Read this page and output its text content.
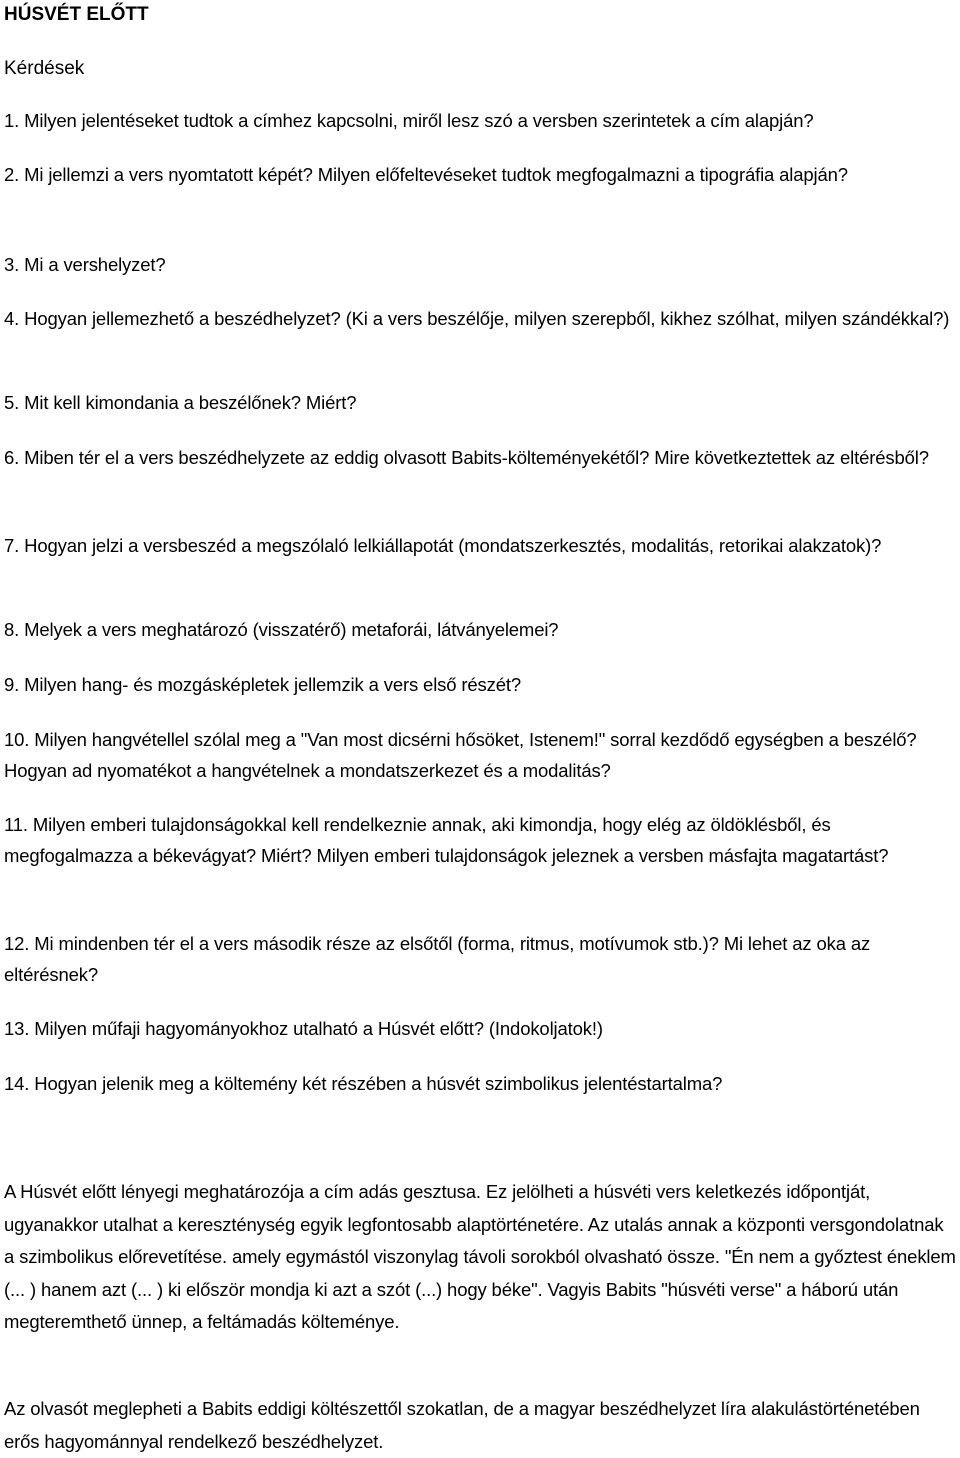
HÚSVÉT ELŐTT
Kérdések

1. Milyen jelentéseket tudtok a címhez kapcsolni, miről lesz szó a versben szerintetek a cím alapján?

2. Mi jellemzi a vers nyomtatott képét? Milyen előfeltevéseket tudtok megfogalmazni a tipográfia alapján?

3. Mi a vershelyzet?

4. Hogyan jellemezhető a beszédhelyzet? (Ki a vers beszélője, milyen szerepből, kikhez szólhat, milyen szándékkal?)

5. Mit kell kimondania a beszélőnek? Miért?

6. Miben tér el a vers beszédhelyzete az eddig olvasott Babits-költeményekétől? Mire következtettek az eltérésből?

7. Hogyan jelzi a versbeszéd a megszólaló lelkiállapotát (mondatszerkesztés, modalitás, retorikai alakzatok)?

8. Melyek a vers meghatározó (visszatérő) metaforái, látványelemei?

9. Milyen hang- és mozgásképletek jellemzik a vers első részét?

10. Milyen hangvétellel szólal meg a "Van most dicsérni hősöket, Istenem!" sorral kezdődő egységben a beszélő? Hogyan ad nyomatékot a hangvételnek a mondatszerkezet és a modalitás?

11. Milyen emberi tulajdonságokkal kell rendelkeznie annak, aki kimondja, hogy elég az öldöklésből, és megfogalmazza a békevágyat? Miért? Milyen emberi tulajdonságok jeleznek a versben másfajta magatartást?

12. Mi mindenben tér el a vers második része az elsőtől (forma, ritmus, motívumok stb.)? Mi lehet az oka az eltérésnek?

13. Milyen műfaji hagyományokhoz utalható a Húsvét előtt? (Indokoljatok!)

14. Hogyan jelenik meg a költemény két részében a húsvét szimbolikus jelentéstartalma?

A Húsvét előtt lényegi meghatározója a cím adás gesztusa. Ez jelölheti a húsvéti vers keletkezés időpontját, ugyanakkor utalhat a kereszténység egyik legfontosabb alaptörténetére. Az utalás annak a központi versgondolatnak a szimbolikus előrevetítése. amely egymástól viszonylag távoli sorokból olvasható össze. "Én nem a győztest éneklem (... ) hanem azt (... ) ki először mondja ki azt a szót (...) hogy béke". Vagyis Babits "húsvéti verse" a háború után megteremthető ünnep, a feltámadás költeménye.

Az olvasót meglepheti a Babits eddigi költészettől szokatlan, de a magyar beszédhelyzet líra alakulástörténetében erős hagyománnyal rendelkező beszédhelyzet.
